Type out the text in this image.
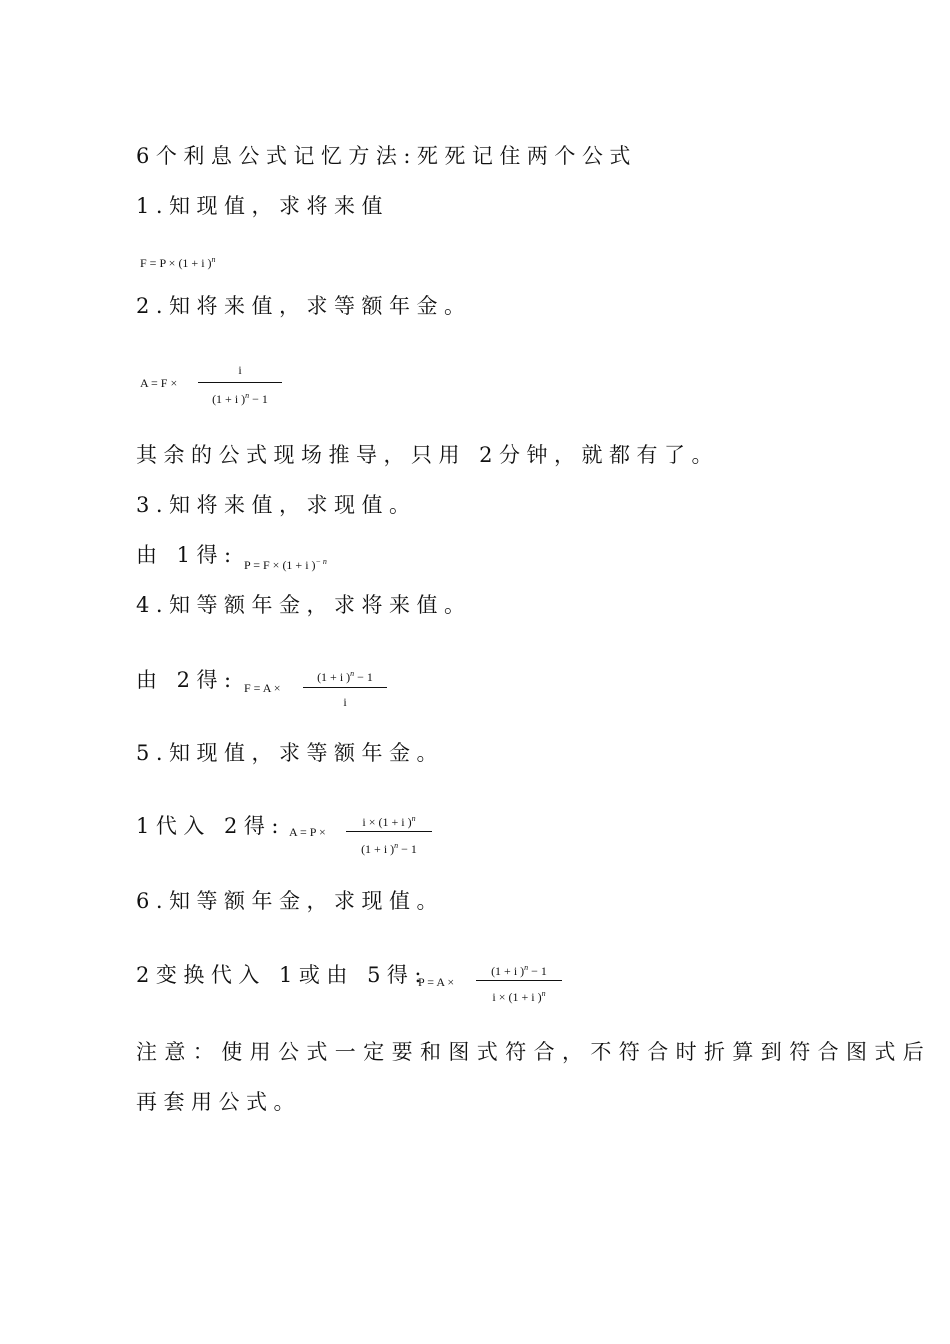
6个利息公式记忆方法:死死记住两个公式
1.知现值，求将来值
F = P × (1 + i )$^n$
2.知将来值，求等额年金。
A = F ×
i
(1 + i )$^n$ − 1
其余的公式现场推导，只用 2分钟，就都有了。
3.知将来值，求现值。
由 1得: P = F × (1 + i )$^{- n}$
4.知等额年金，求将来值。
由 2得: F = A ×
(1 + i )$^n$ − 1
i
5.知现值，求等额年金。
1代入 2得: A = P ×
i × (1 + i )$^n$
(1 + i )$^n$ − 1
6.知等额年金，求现值。
2变换代入 1或由 5得:
P = A ×
(1 + i )$^n$ − 1
i × (1 + i )$^n$
注意：使用公式一定要和图式符合，不符合时折算到符合图式后
再套用公式。
